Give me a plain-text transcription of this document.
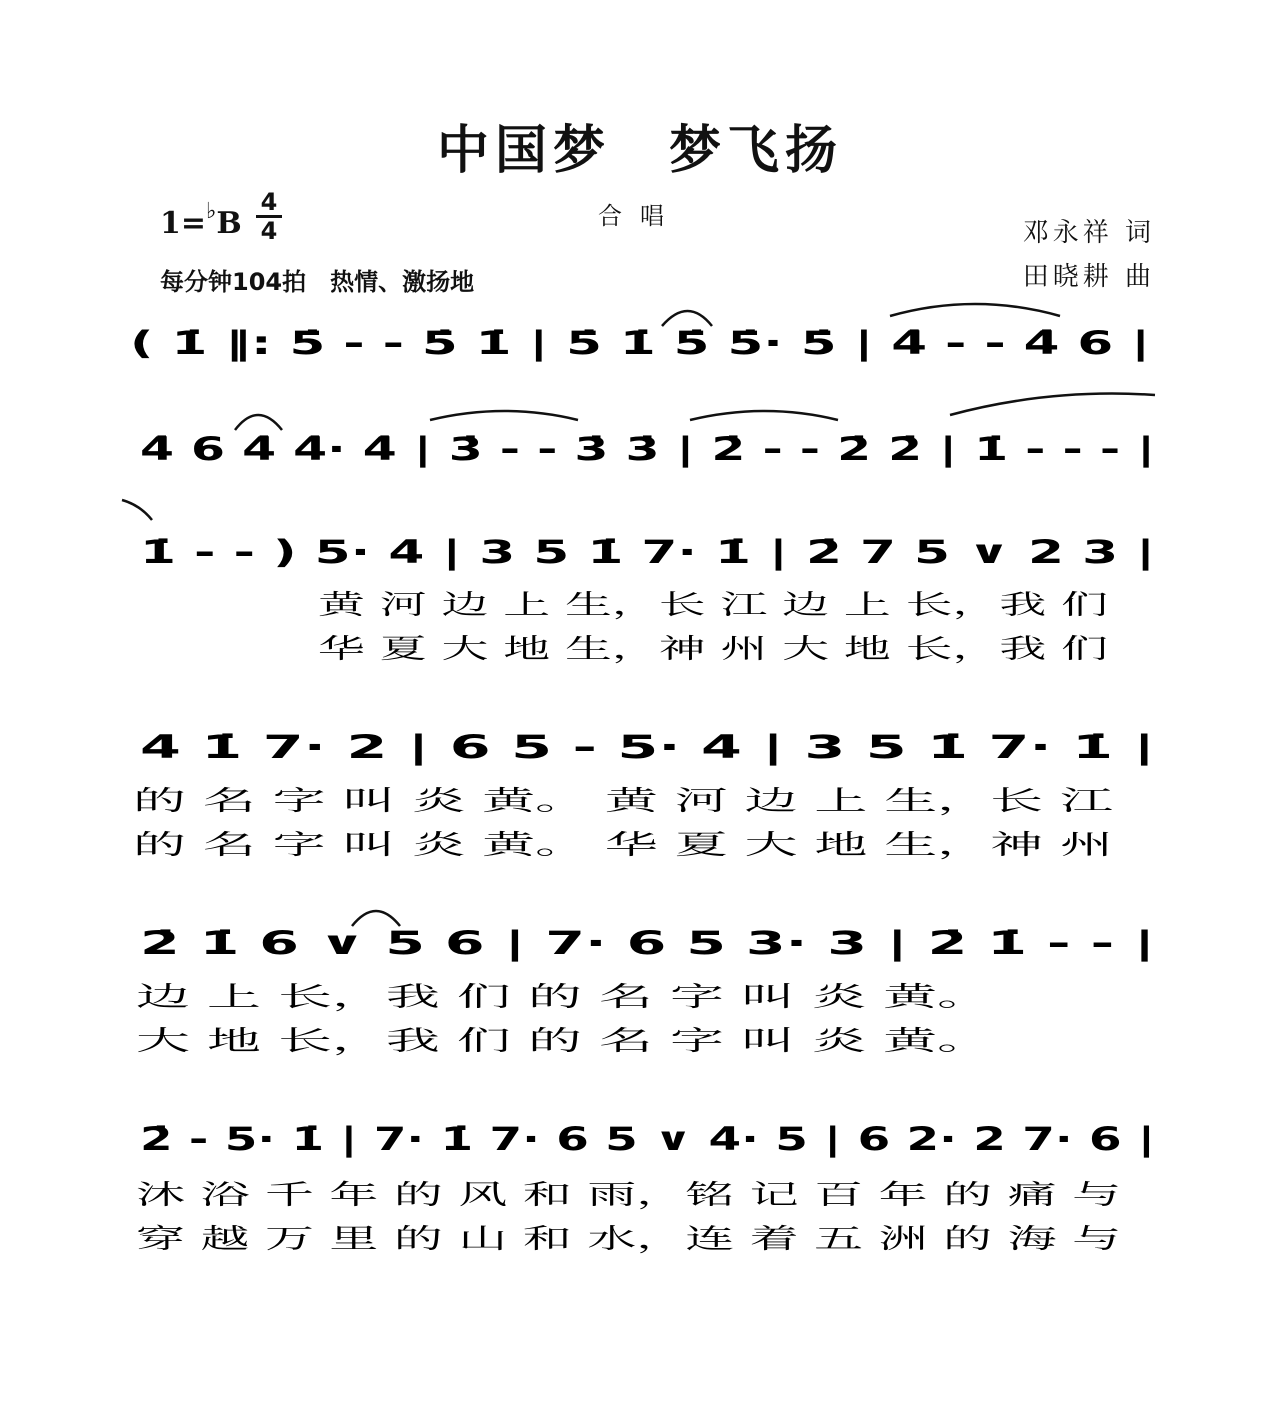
中国梦　梦飞扬
合唱
1=♭B
4
4
每分钟104拍　热情、激扬地
邓永祥 词
田晓耕 曲
( 1̇ ‖: 5̇ - - 5̇ 1̇ | 5̇ 1̇ 5̇ 5̇· 5̇ | 4̇ - - 4̇ 6 |
4̇ 6 4̇ 4̇· 4̇ | 3̇ - - 3̇ 3̇ | 2̇ - - 2̇ 2̇ | 1̇ - - - |
1̇ - - ) 5· 4 | 3 5 1̇ 7· 1̇ | 2̇ 7 5 ∨ 2 3 |
黄 河 边 上 生，长 江 边 上 长，我 们
华 夏 大 地 生，神 州 大 地 长，我 们
4 1̇ 7· 2 | 6 5 - 5· 4 | 3 5 1̇ 7· 1̇ |
的 名 字 叫 炎 黄。 黄 河 边 上 生，长 江
的 名 字 叫 炎 黄。 华 夏 大 地 生，神 州
2̇ 1̇ 6 ∨ 5 6 | 7· 6 5 3· 3 | 2̇ 1̇ - - |
边 上 长，我 们 的 名 字 叫 炎 黄。
大 地 长，我 们 的 名 字 叫 炎 黄。
2̇ - 5· 1̇ | 7· 1̇ 7· 6 5 ∨ 4· 5 | 6 2· 2 7· 6 |
沐 浴 千 年 的 风 和 雨，铭 记 百 年 的 痛 与
穿 越 万 里 的 山 和 水，连 着 五 洲 的 海 与
